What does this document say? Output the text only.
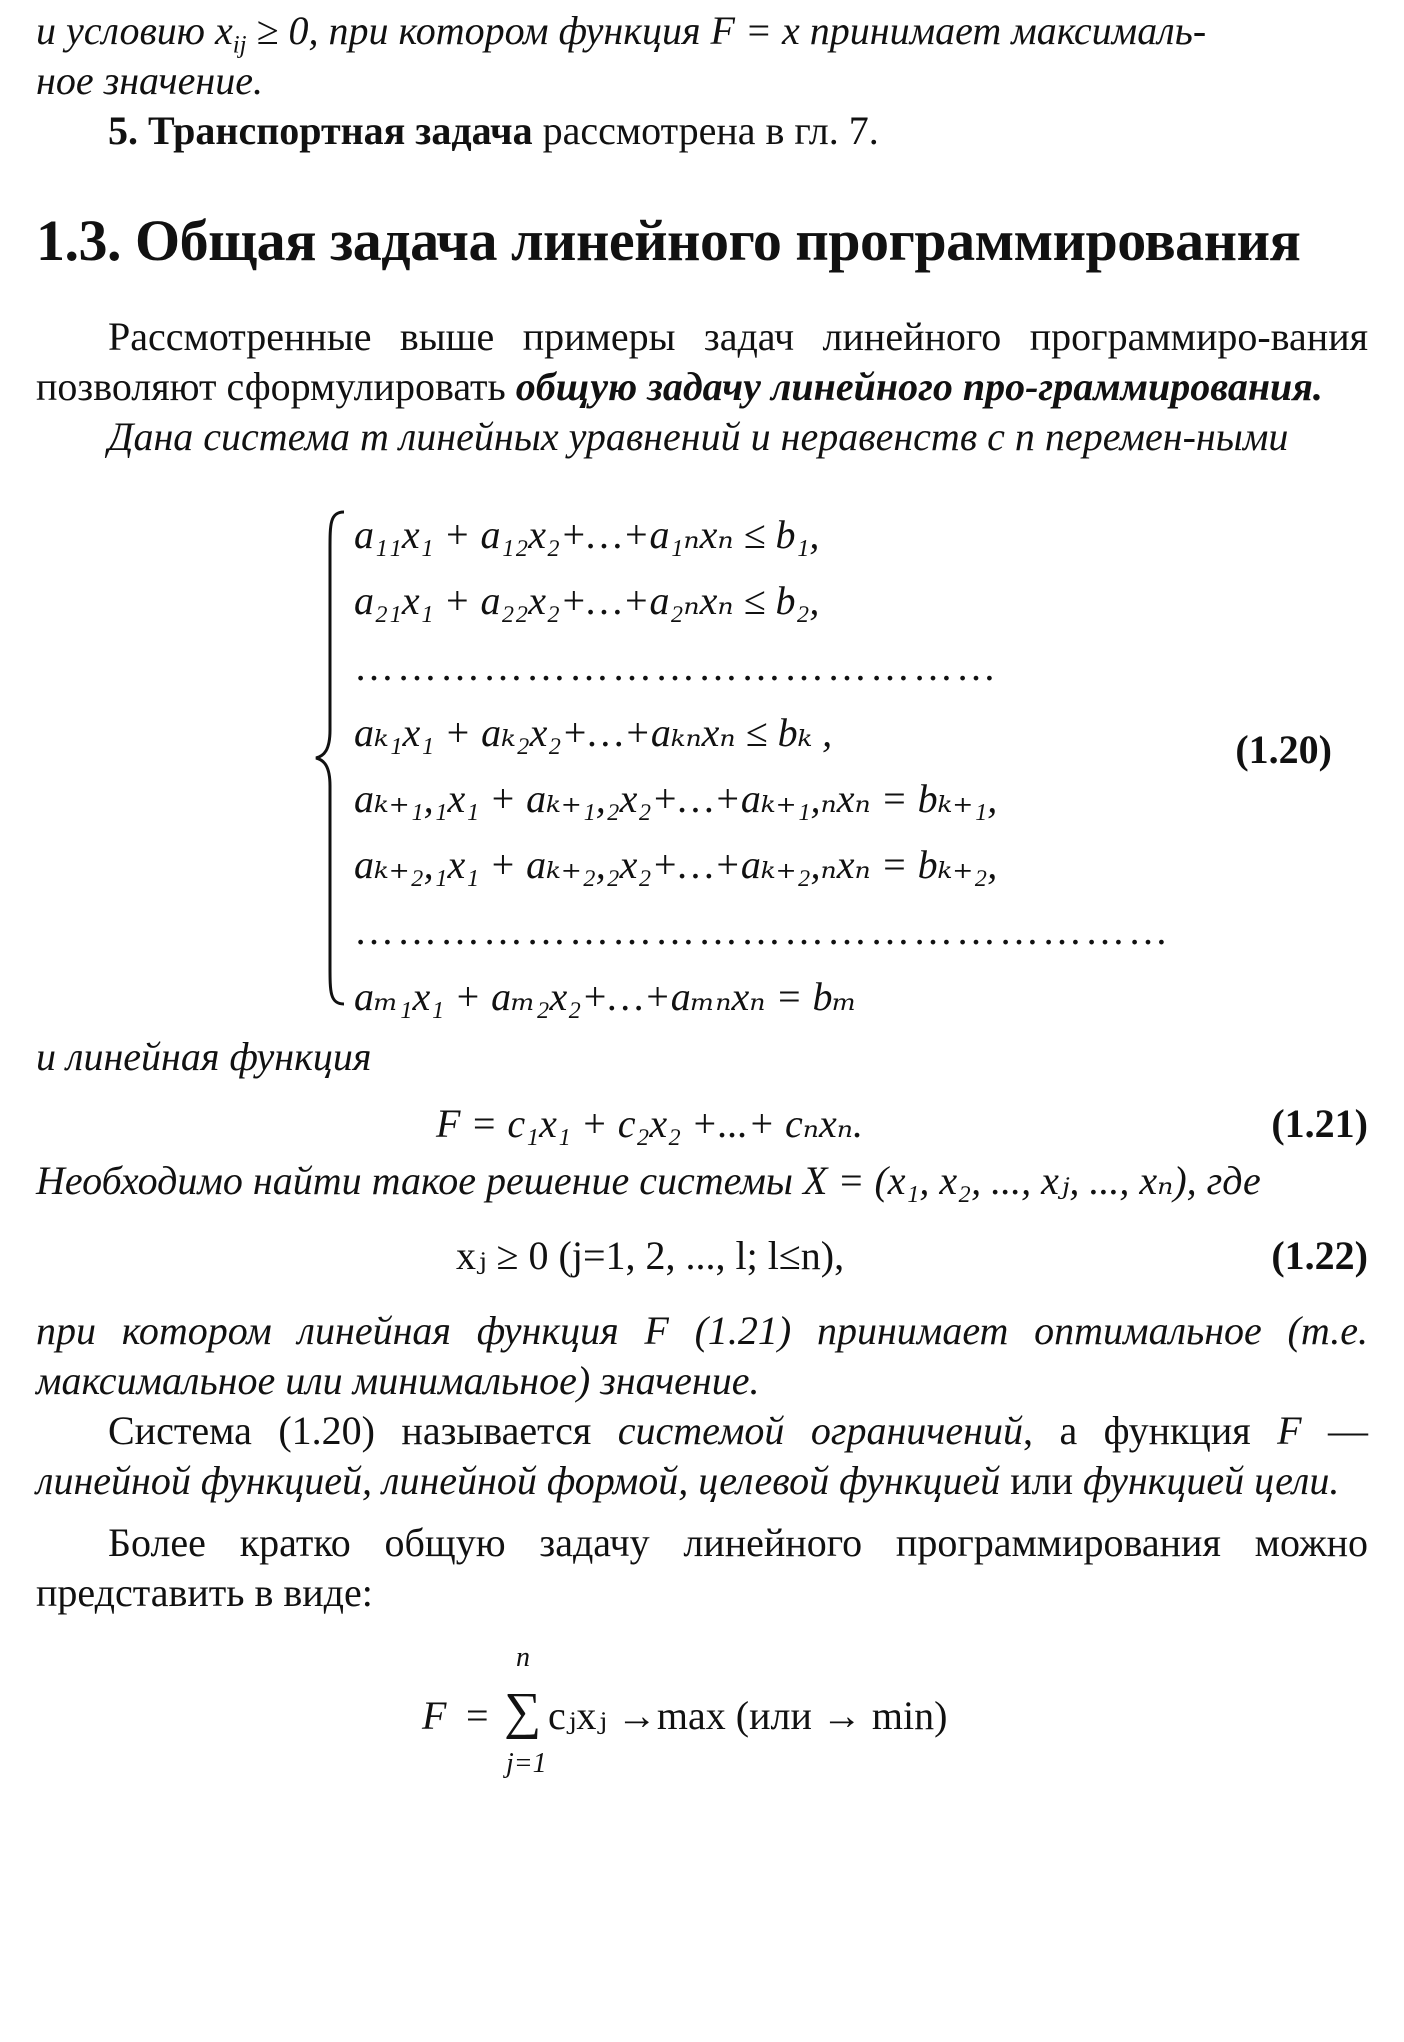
и условию $x_{ij} \ge 0$, при котором функция F = x принимает максималь-
ное значение.

5. Транспортная задача рассмотрена в гл. 7.

1.3. Общая задача линейного программирования

Рассмотренные выше примеры задач линейного программиро-вания позволяют сформулировать общую задачу линейного про-граммирования.

Дана система m линейных уравнений и неравенств с n перемен-ными

a₁₁x₁ + a₁₂x₂+…+a₁ₙxₙ ≤ b₁,
a₂₁x₁ + a₂₂x₂+…+a₂ₙxₙ ≤ b₂,
………………………………………
aₖ₁x₁ + aₖ₂x₂+…+aₖₙxₙ ≤ bₖ ,
aₖ₊₁,₁x₁ + aₖ₊₁,₂x₂+…+aₖ₊₁,ₙxₙ = bₖ₊₁,
aₖ₊₂,₁x₁ + aₖ₊₂,₂x₂+…+aₖ₊₂,ₙxₙ = bₖ₊₂,
…………………………………………………
aₘ₁x₁ + aₘ₂x₂+…+aₘₙxₙ = bₘ
(1.20)

и линейная функция

F = c₁x₁ + c₂x₂ +...+ cₙxₙ.	(1.21)

Необходимо найти такое решение системы X = (x₁, x₂, ..., xⱼ, ..., xₙ), где

xⱼ ≥ 0 (j=1, 2, ..., l; l≤n),	(1.22)

при котором линейная функция F (1.21) принимает оптимальное (т.е. максимальное или минимальное) значение.

Система (1.20) называется системой ограничений, а функция F — линейной функцией, линейной формой, целевой функцией или функцией цели.

Более кратко общую задачу линейного программирования можно представить в виде:

F =
n
∑
j=1
cⱼxⱼ →max (или → min)
